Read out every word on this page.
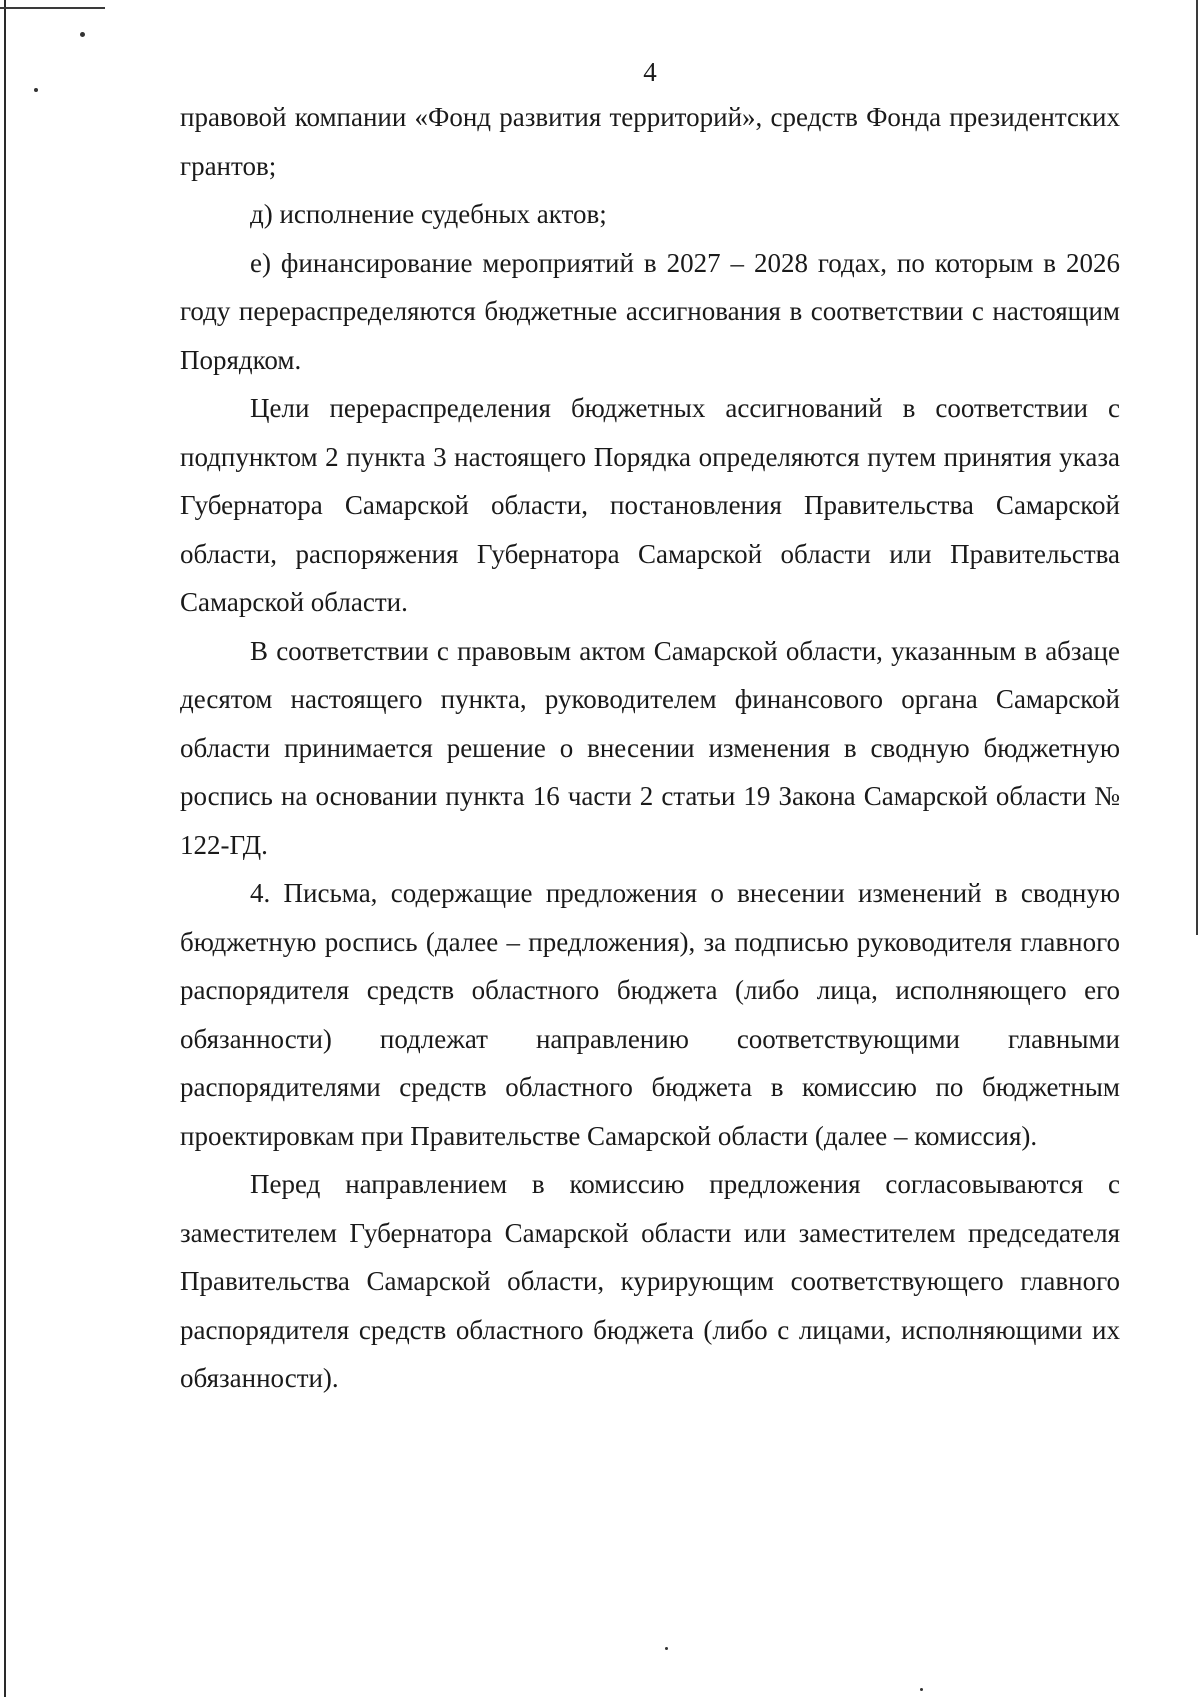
4

правовой компании «Фонд развития территорий», средств Фонда президентских грантов;

д) исполнение судебных актов;

е) финансирование мероприятий в 2027 – 2028 годах, по которым в 2026 году перераспределяются бюджетные ассигнования в соответствии с настоящим Порядком.

Цели перераспределения бюджетных ассигнований в соответствии с подпунктом 2 пункта 3 настоящего Порядка определяются путем принятия указа Губернатора Самарской области, постановления Правительства Самарской области, распоряжения Губернатора Самарской области или Правительства Самарской области.

В соответствии с правовым актом Самарской области, указанным в абзаце десятом настоящего пункта, руководителем финансового органа Самарской области принимается решение о внесении изменения в сводную бюджетную роспись на основании пункта 16 части 2 статьи 19 Закона Самарской области № 122-ГД.

4. Письма, содержащие предложения о внесении изменений в сводную бюджетную роспись (далее – предложения), за подписью руководителя главного распорядителя средств областного бюджета (либо лица, исполняющего его обязанности) подлежат направлению соответствующими главными распорядителями средств областного бюджета в комиссию по бюджетным проектировкам при Правительстве Самарской области (далее – комиссия).

Перед направлением в комиссию предложения согласовываются с заместителем Губернатора Самарской области или заместителем председателя Правительства Самарской области, курирующим соответствующего главного распорядителя средств областного бюджета (либо с лицами, исполняющими их обязанности).
